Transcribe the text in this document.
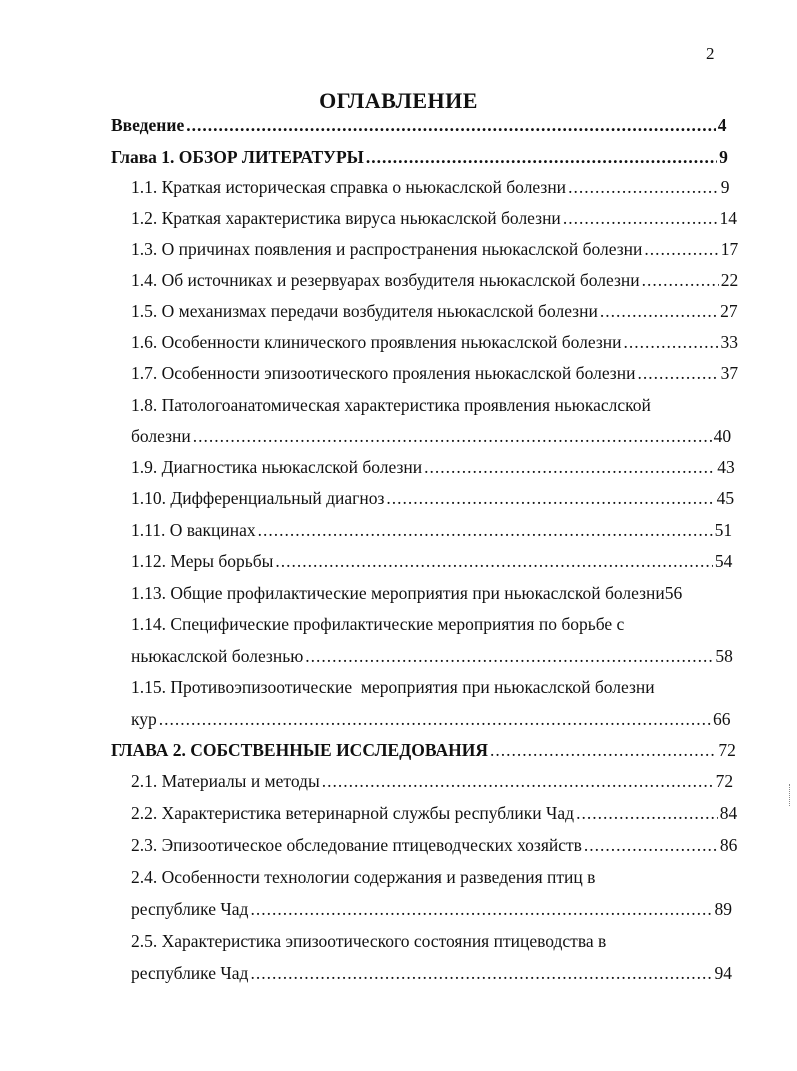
2
ОГЛАВЛЕНИЕ
Введение .....	4
Глава 1. ОБЗОР ЛИТЕРАТУРЫ .....	9
1.1. Краткая историческая справка о ньюкаслской болезни .....	9
1.2. Краткая характеристика вируса ньюкаслской болезни .....	14
1.3. О причинах появления и распространения ньюкаслской болезни .....	17
1.4. Об источниках и резервуарах возбудителя ньюкаслской болезни .....	22
1.5. О механизмах передачи возбудителя ньюкаслской болезни .....	27
1.6. Особенности клинического проявления ньюкаслской болезни .....	33
1.7. Особенности эпизоотического прояления ньюкаслской болезни .....	37
1.8. Патологоанатомическая характеристика проявления ньюкаслской
болезни .....	40
1.9. Диагностика ньюкаслской болезни .....	43
1.10. Дифференциальный диагноз .....	45
1.11. О вакцинах .....	51
1.12. Меры борьбы .....	54
1.13. Общие профилактические мероприятия при ньюкаслской болезни 56
1.14. Специфические профилактические мероприятия по борьбе с
ньюкаслской болезнью .....	58
1.15. Противоэпизоотические  мероприятия при ньюкаслской болезни
кур .....	66
ГЛАВА 2. СОБСТВЕННЫЕ ИССЛЕДОВАНИЯ .....	72
2.1. Материалы и методы .....	72
2.2. Характеристика ветеринарной службы республики Чад .....	84
2.3. Эпизоотическое обследование птицеводческих хозяйств .....	86
2.4. Особенности технологии содержания и разведения птиц в
республике Чад .....	89
2.5. Характеристика эпизоотического состояния птицеводства в
республике Чад .....	94
